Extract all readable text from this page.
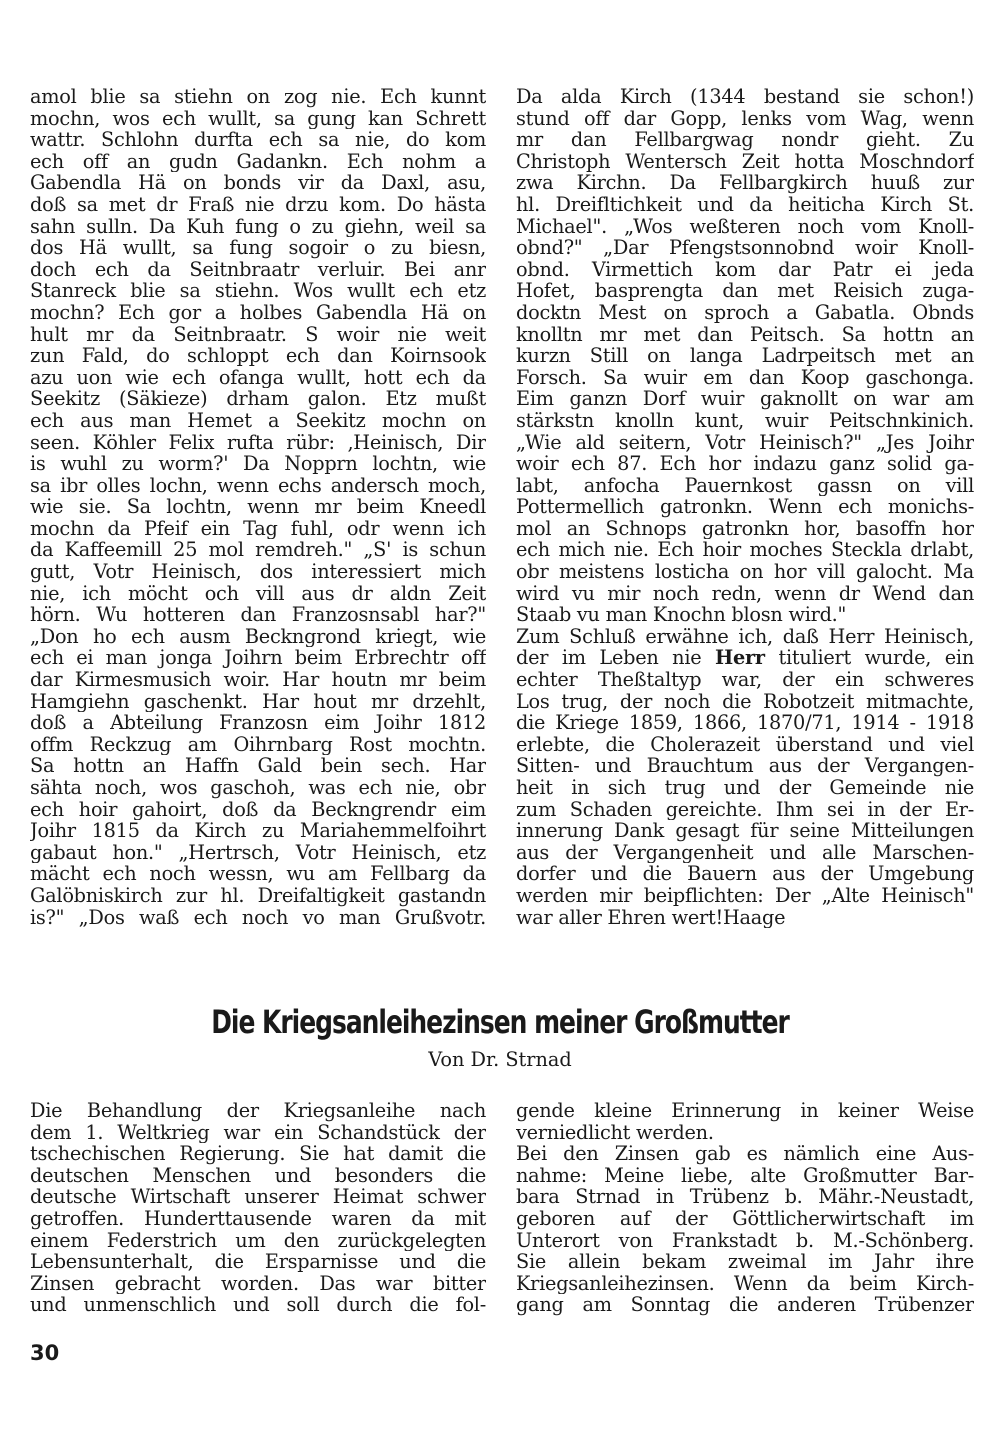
amol blie sa stiehn on zog nie. Ech kunnt
mochn, wos ech wullt, sa gung kan Schrett
wattr. Schlohn durfta ech sa nie, do kom
ech off an gudn Gadankn. Ech nohm a
Gabendla Hä on bonds vir da Daxl, asu,
doß sa met dr Fraß nie drzu kom. Do hästa
sahn sulln. Da Kuh fung o zu giehn, weil sa
dos Hä wullt, sa fung sogoir o zu biesn,
doch ech da Seitnbraatr verluir. Bei anr
Stanreck blie sa stiehn. Wos wullt ech etz
mochn? Ech gor a holbes Gabendla Hä on
hult mr da Seitnbraatr. S woir nie weit
zun Fald, do schloppt ech dan Koirnsook
azu uon wie ech ofanga wullt, hott ech da
Seekitz (Säkieze) drham galon. Etz mußt
ech aus man Hemet a Seekitz mochn on
seen. Köhler Felix rufta rübr: ‚Heinisch, Dir
is wuhl zu worm?' Da Nopprn lochtn, wie
sa ibr olles lochn, wenn echs andersch moch,
wie sie. Sa lochtn, wenn mr beim Kneedl
mochn da Pfeif ein Tag fuhl, odr wenn ich
da Kaffeemill 25 mol remdreh." „S' is schun
gutt, Votr Heinisch, dos interessiert mich
nie, ich möcht och vill aus dr aldn Zeit
hörn. Wu hotteren dan Franzosnsabl har?"
„Don ho ech ausm Beckngrond kriegt, wie
ech ei man jonga Joihrn beim Erbrechtr off
dar Kirmesmusich woir. Har houtn mr beim
Hamgiehn gaschenkt. Har hout mr drzehlt,
doß a Abteilung Franzosn eim Joihr 1812
offm Reckzug am Oihrnbarg Rost mochtn.
Sa hottn an Haffn Gald bein sech. Har
sähta noch, wos gaschoh, was ech nie, obr
ech hoir gahoirt, doß da Beckngrendr eim
Joihr 1815 da Kirch zu Mariahemmelfoihrt
gabaut hon." „Hertrsch, Votr Heinisch, etz
mächt ech noch wessn, wu am Fellbarg da
Galöbniskirch zur hl. Dreifaltigkeit gastandn
is?" „Dos waß ech noch vo man Grußvotr.
Da alda Kirch (1344 bestand sie schon!)
stund off dar Gopp, lenks vom Wag, wenn
mr dan Fellbargwag nondr gieht. Zu
Christoph Wentersch Zeit hotta Moschndorf
zwa Kirchn. Da Fellbargkirch huuß zur
hl. Dreifltichkeit und da heiticha Kirch St.
Michael". „Wos weßteren noch vom Knoll-
obnd?" „Dar Pfengstsonnobnd woir Knoll-
obnd. Virmettich kom dar Patr ei jeda
Hofet, basprengta dan met Reisich zuga-
docktn Mest on sproch a Gabatla. Obnds
knolltn mr met dan Peitsch. Sa hottn an
kurzn Still on langa Ladrpeitsch met an
Forsch. Sa wuir em dan Koop gaschonga.
Eim ganzn Dorf wuir gaknollt on war am
stärkstn knolln kunt, wuir Peitschnkinich.
„Wie ald seitern, Votr Heinisch?" „Jes Joihr
woir ech 87. Ech hor indazu ganz solid ga-
labt, anfocha Pauernkost gassn on vill
Pottermellich gatronkn. Wenn ech monichs-
mol an Schnops gatronkn hor, basoffn hor
ech mich nie. Ech hoir moches Steckla drlabt,
obr meistens losticha on hor vill galocht. Ma
wird vu mir noch redn, wenn dr Wend dan
Staab vu man Knochn blosn wird."
Zum Schluß erwähne ich, daß Herr Heinisch,
der im Leben nie Herr tituliert wurde, ein
echter Theßtaltyp war, der ein schweres
Los trug, der noch die Robotzeit mitmachte,
die Kriege 1859, 1866, 1870/71, 1914 - 1918
erlebte, die Cholerazeit überstand und viel
Sitten- und Brauchtum aus der Vergangen-
heit in sich trug und der Gemeinde nie
zum Schaden gereichte. Ihm sei in der Er-
innerung Dank gesagt für seine Mitteilungen
aus der Vergangenheit und alle Marschen-
dorfer und die Bauern aus der Umgebung
werden mir beipflichten: Der „Alte Heinisch"
war aller Ehren wert!Haage
Die Kriegsanleihezinsen meiner Großmutter
Von Dr. Strnad
Die Behandlung der Kriegsanleihe nach
dem 1. Weltkrieg war ein Schandstück der
tschechischen Regierung. Sie hat damit die
deutschen Menschen und besonders die
deutsche Wirtschaft unserer Heimat schwer
getroffen. Hunderttausende waren da mit
einem Federstrich um den zurückgelegten
Lebensunterhalt, die Ersparnisse und die
Zinsen gebracht worden. Das war bitter
und unmenschlich und soll durch die fol-
gende kleine Erinnerung in keiner Weise
verniedlicht werden.
Bei den Zinsen gab es nämlich eine Aus-
nahme: Meine liebe, alte Großmutter Bar-
bara Strnad in Trübenz b. Mähr.-Neustadt,
geboren auf der Göttlicherwirtschaft im
Unterort von Frankstadt b. M.-Schönberg.
Sie allein bekam zweimal im Jahr ihre
Kriegsanleihezinsen. Wenn da beim Kirch-
gang am Sonntag die anderen Trübenzer
30
